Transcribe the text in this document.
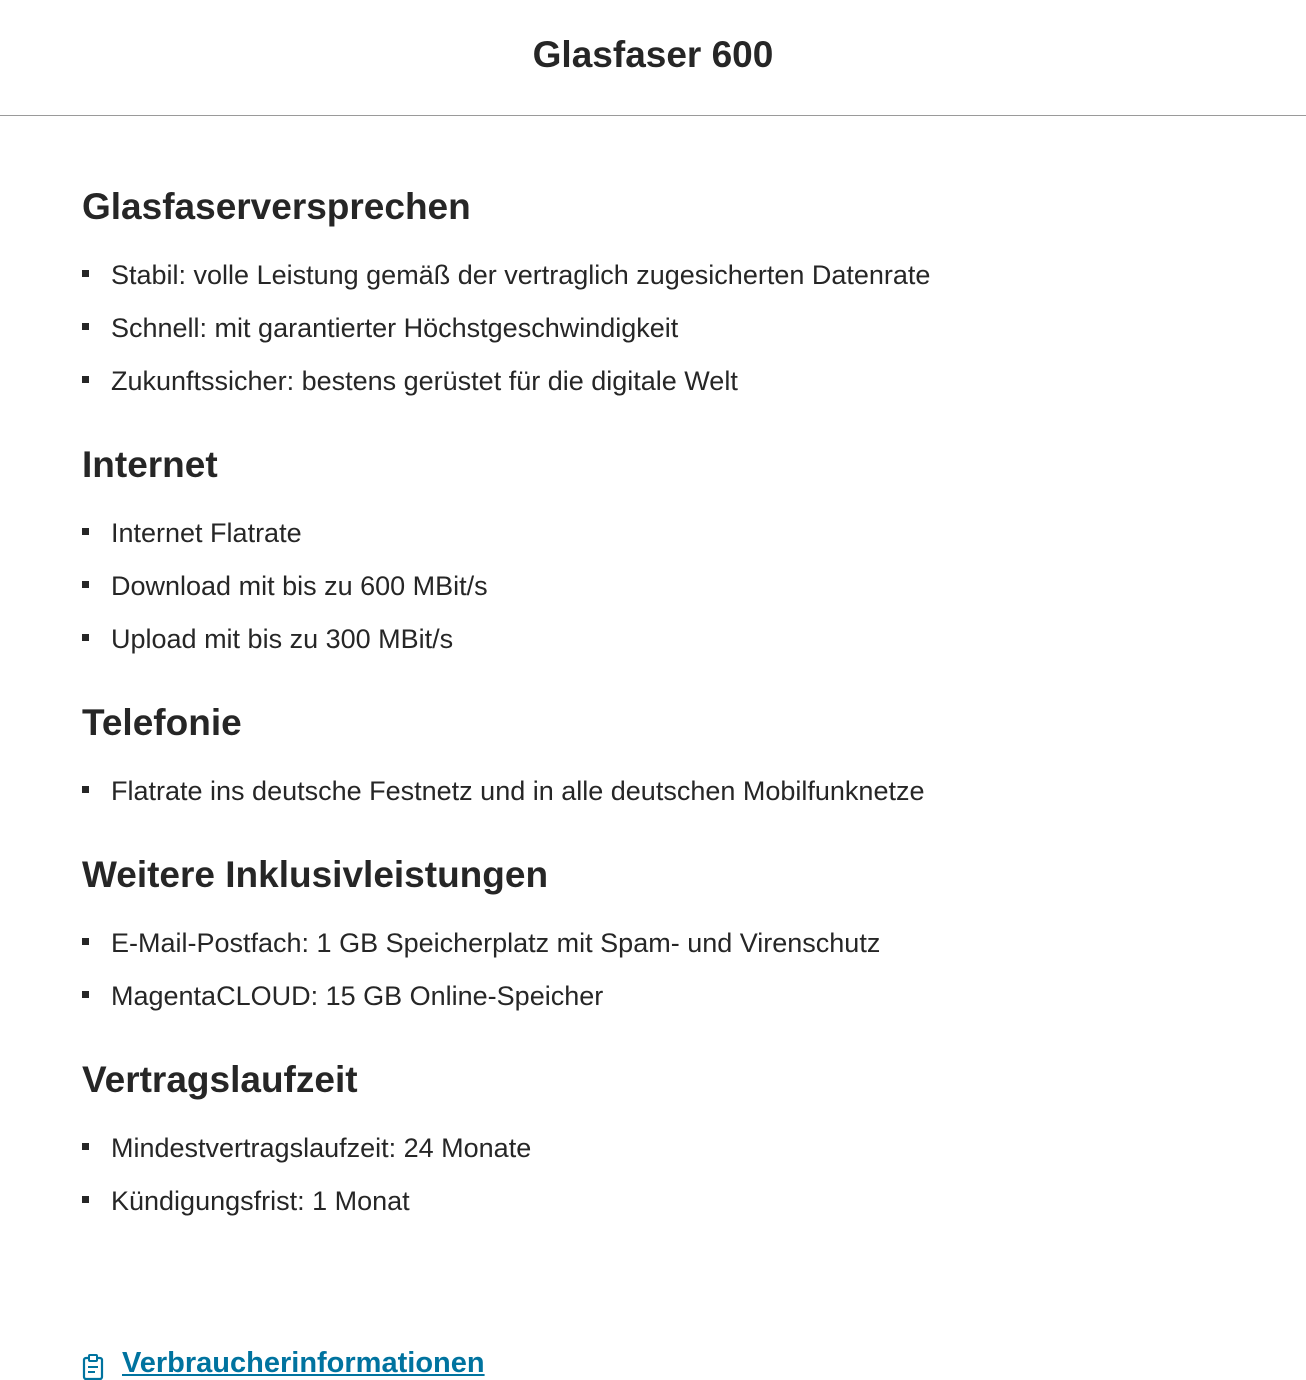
Glasfaser 600
Glasfaserversprechen
Stabil: volle Leistung gemäß der vertraglich zugesicherten Datenrate
Schnell: mit garantierter Höchstgeschwindigkeit
Zukunftssicher: bestens gerüstet für die digitale Welt
Internet
Internet Flatrate
Download mit bis zu 600 MBit/s
Upload mit bis zu 300 MBit/s
Telefonie
Flatrate ins deutsche Festnetz und in alle deutschen Mobilfunknetze
Weitere Inklusivleistungen
E-Mail-Postfach: 1 GB Speicherplatz mit Spam- und Virenschutz
MagentaCLOUD: 15 GB Online-Speicher
Vertragslaufzeit
Mindestvertragslaufzeit: 24 Monate
Kündigungsfrist: 1 Monat
Verbraucherinformationen
